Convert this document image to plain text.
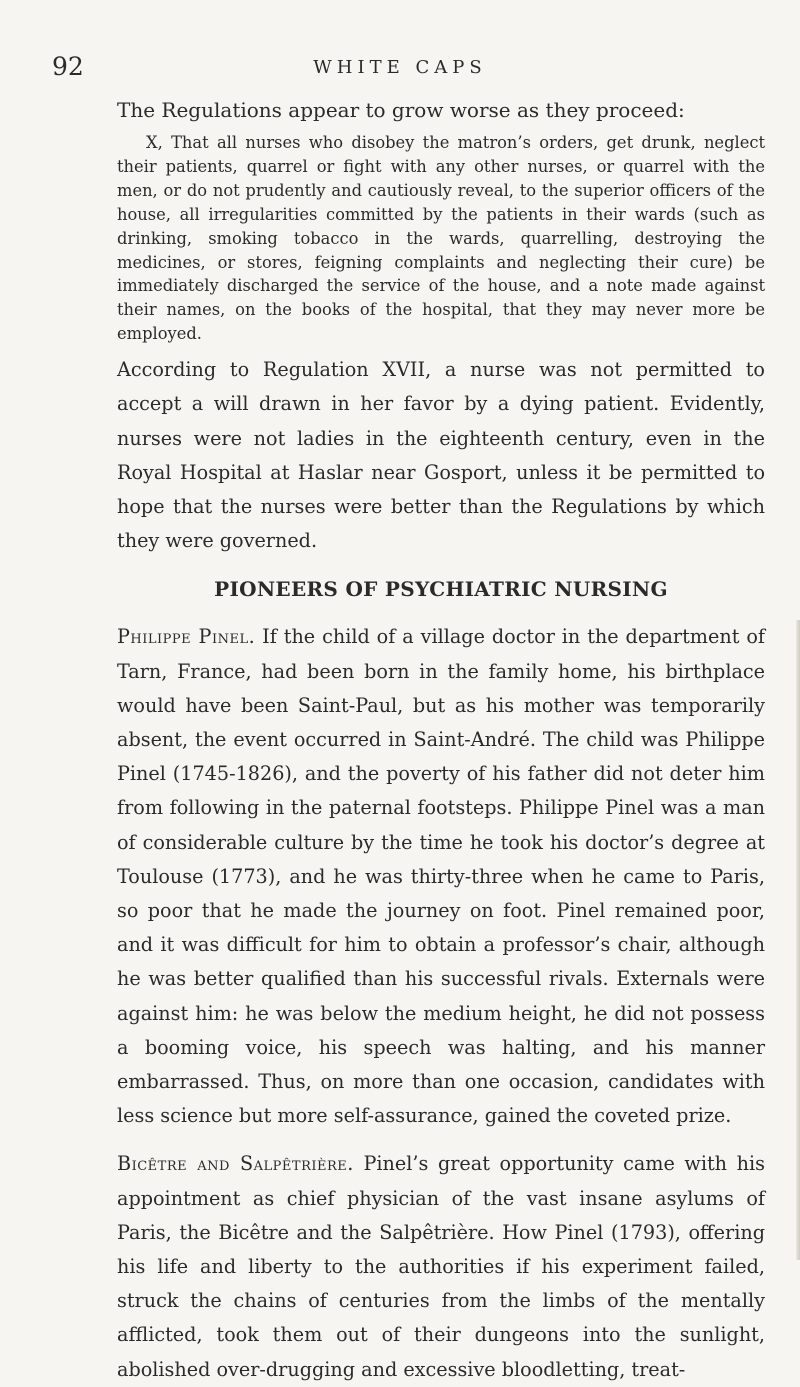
92	WHITE CAPS

The Regulations appear to grow worse as they proceed:

X, That all nurses who disobey the matron’s orders, get drunk, neglect their patients, quarrel or fight with any other nurses, or quarrel with the men, or do not prudently and cautiously reveal, to the superior officers of the house, all irregularities committed by the patients in their wards (such as drinking, smoking tobacco in the wards, quarrelling, destroying the medicines, or stores, feigning complaints and neglecting their cure) be immediately discharged the service of the house, and a note made against their names, on the books of the hospital, that they may never more be employed.

According to Regulation XVII, a nurse was not permitted to accept a will drawn in her favor by a dying patient. Evidently, nurses were not ladies in the eighteenth century, even in the Royal Hospital at Haslar near Gosport, unless it be permitted to hope that the nurses were better than the Regulations by which they were governed.

PIONEERS OF PSYCHIATRIC NURSING

Philippe Pinel. If the child of a village doctor in the department of Tarn, France, had been born in the family home, his birthplace would have been Saint-Paul, but as his mother was temporarily absent, the event occurred in Saint-André. The child was Philippe Pinel (1745-1826), and the poverty of his father did not deter him from following in the paternal footsteps. Philippe Pinel was a man of considerable culture by the time he took his doctor’s degree at Toulouse (1773), and he was thirty-three when he came to Paris, so poor that he made the journey on foot. Pinel remained poor, and it was difficult for him to obtain a professor’s chair, although he was better qualified than his successful rivals. Externals were against him: he was below the medium height, he did not possess a booming voice, his speech was halting, and his manner embarrassed. Thus, on more than one occasion, candidates with less science but more self-assurance, gained the coveted prize.

Bicêtre and Salpêtrière. Pinel’s great opportunity came with his appointment as chief physician of the vast insane asylums of Paris, the Bicêtre and the Salpêtrière. How Pinel (1793), offering his life and liberty to the authorities if his experiment failed, struck the chains of centuries from the limbs of the mentally afflicted, took them out of their dungeons into the sunlight, abolished over-drugging and excessive bloodletting, treat-
